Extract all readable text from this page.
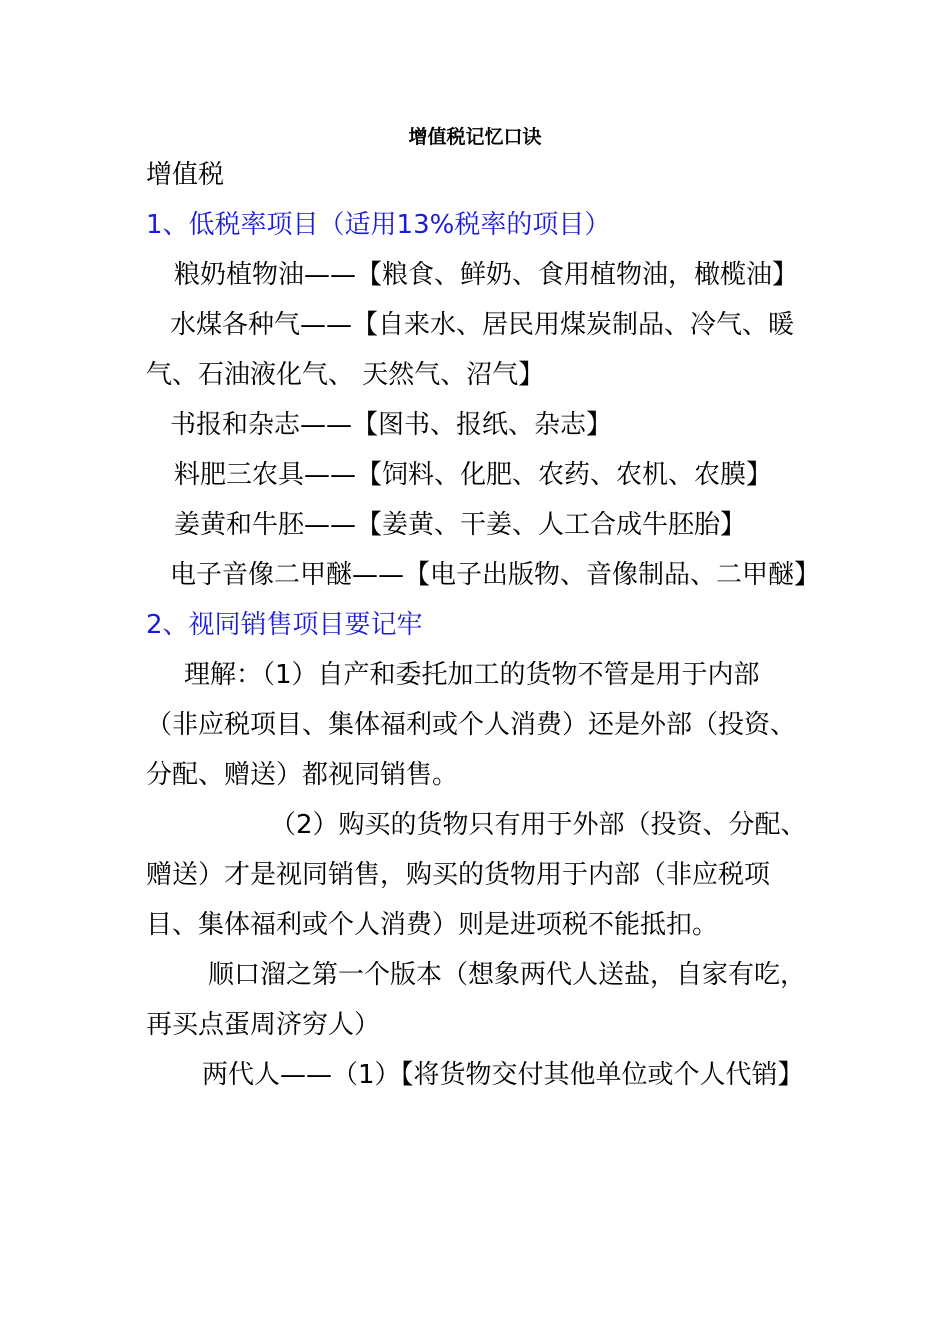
增值税记忆口诀

增值税

1、低税率项目（适用13%税率的项目）

粮奶植物油——【粮食、鲜奶、食用植物油，橄榄油】

水煤各种气——【自来水、居民用煤炭制品、冷气、暖气、石油液化气、 天然气、沼气】

书报和杂志——【图书、报纸、杂志】

料肥三农具——【饲料、化肥、农药、农机、农膜】

姜黄和牛胚——【姜黄、干姜、人工合成牛胚胎】

电子音像二甲醚——【电子出版物、音像制品、二甲醚】

2、视同销售项目要记牢

理解：（1）自产和委托加工的货物不管是用于内部（非应税项目、集体福利或个人消费）还是外部（投资、分配、赠送）都视同销售。

（2）购买的货物只有用于外部（投资、分配、赠送）才是视同销售，购买的货物用于内部（非应税项目、集体福利或个人消费）则是进项税不能抵扣。

顺口溜之第一个版本（想象两代人送盐，自家有吃，再买点蛋周济穷人）

两代人——（1）【将货物交付其他单位或个人代销】
